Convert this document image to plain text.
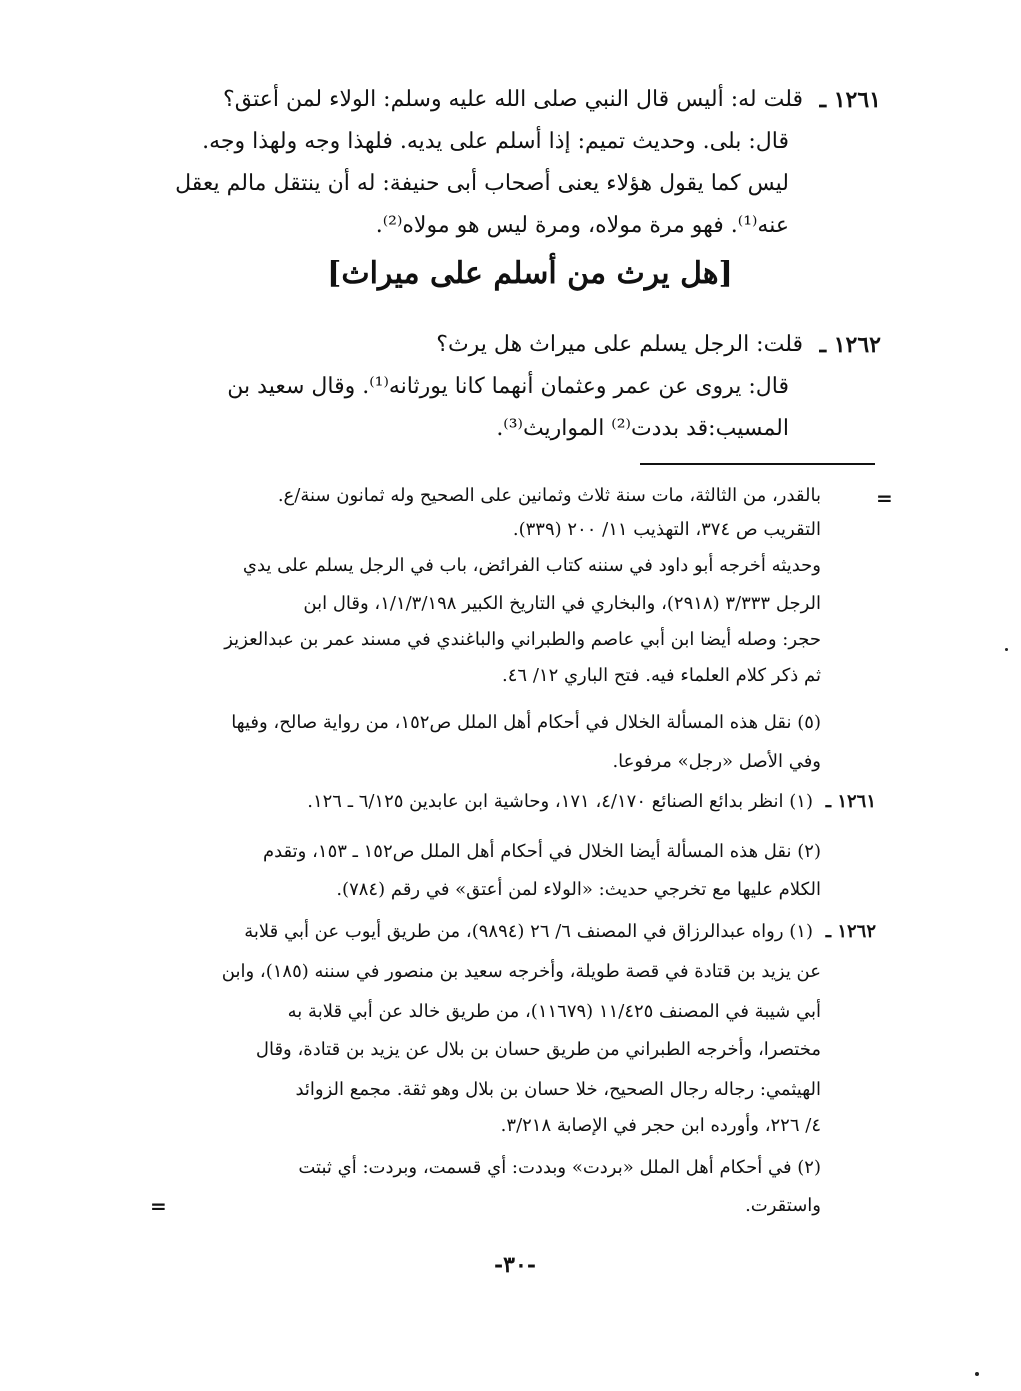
١٢٦١ ـ
قلت له: أليس قال النبي صلى الله عليه وسلم: الولاء لمن أعتق؟
قال: بلى. وحديث تميم: إذا أسلم على يديه. فلهذا وجه ولهذا وجه.
ليس كما يقول هؤلاء يعنى أصحاب أبى حنيفة: له أن ينتقل مالم يعقل
عنه⁽¹⁾. فهو مرة مولاه، ومرة ليس هو مولاه⁽²⁾.
[هل يرث من أسلم على ميراث]
١٢٦٢ ـ
قلت: الرجل يسلم على ميراث هل يرث؟
قال: يروى عن عمر وعثمان أنهما كانا يورثانه⁽¹⁾. وقال سعيد بن
المسيب:قد بددت⁽²⁾ المواريث⁽³⁾.
=
بالقدر، من الثالثة، مات سنة ثلاث وثمانين على الصحيح وله ثمانون سنة/ع.
التقريب ص ٣٧٤، التهذيب ١١/ ٢٠٠ (٣٣٩).
وحديثه أخرجه أبو داود في سننه كتاب الفرائض، باب في الرجل يسلم على يدي
الرجل ٣/٣٣٣ (٢٩١٨)، والبخاري في التاريخ الكبير ١/١/٣/١٩٨، وقال ابن
حجر: وصله أيضا ابن أبي عاصم والطبراني والباغندي في مسند عمر بن عبدالعزيز
ثم ذكر كلام العلماء فيه. فتح الباري ١٢/ ٤٦.
(٥) نقل هذه المسألة الخلال في أحكام أهل الملل ص١٥٢، من رواية صالح، وفيها
وفي الأصل «رجل» مرفوعا.
١٢٦١ ـ
(١) انظر بدائع الصنائع ٤/١٧٠، ١٧١، وحاشية ابن عابدين ٦/١٢٥ ـ ١٢٦.
(٢) نقل هذه المسألة أيضا الخلال في أحكام أهل الملل ص١٥٢ ـ ١٥٣، وتقدم
الكلام عليها مع تخرجي حديث: «الولاء لمن أعتق» في رقم (٧٨٤).
١٢٦٢ ـ
(١) رواه عبدالرزاق في المصنف ٦/ ٢٦ (٩٨٩٤)، من طريق أيوب عن أبي قلابة
عن يزيد بن قتادة في قصة طويلة، وأخرجه سعيد بن منصور في سننه (١٨٥)، وابن
أبي شيبة في المصنف ١١/٤٢٥ (١١٦٧٩)، من طريق خالد عن أبي قلابة به
مختصرا، وأخرجه الطبراني من طريق حسان بن بلال عن يزيد بن قتادة، وقال
الهيثمي: رجاله رجال الصحيح، خلا حسان بن بلال وهو ثقة. مجمع الزوائد
٤/ ٢٢٦، وأورده ابن حجر في الإصابة ٣/٢١٨.
(٢) في أحكام أهل الملل «بردت» وبددت: أي قسمت، وبردت: أي ثبتت
واستقرت.
=
-٣٠-
